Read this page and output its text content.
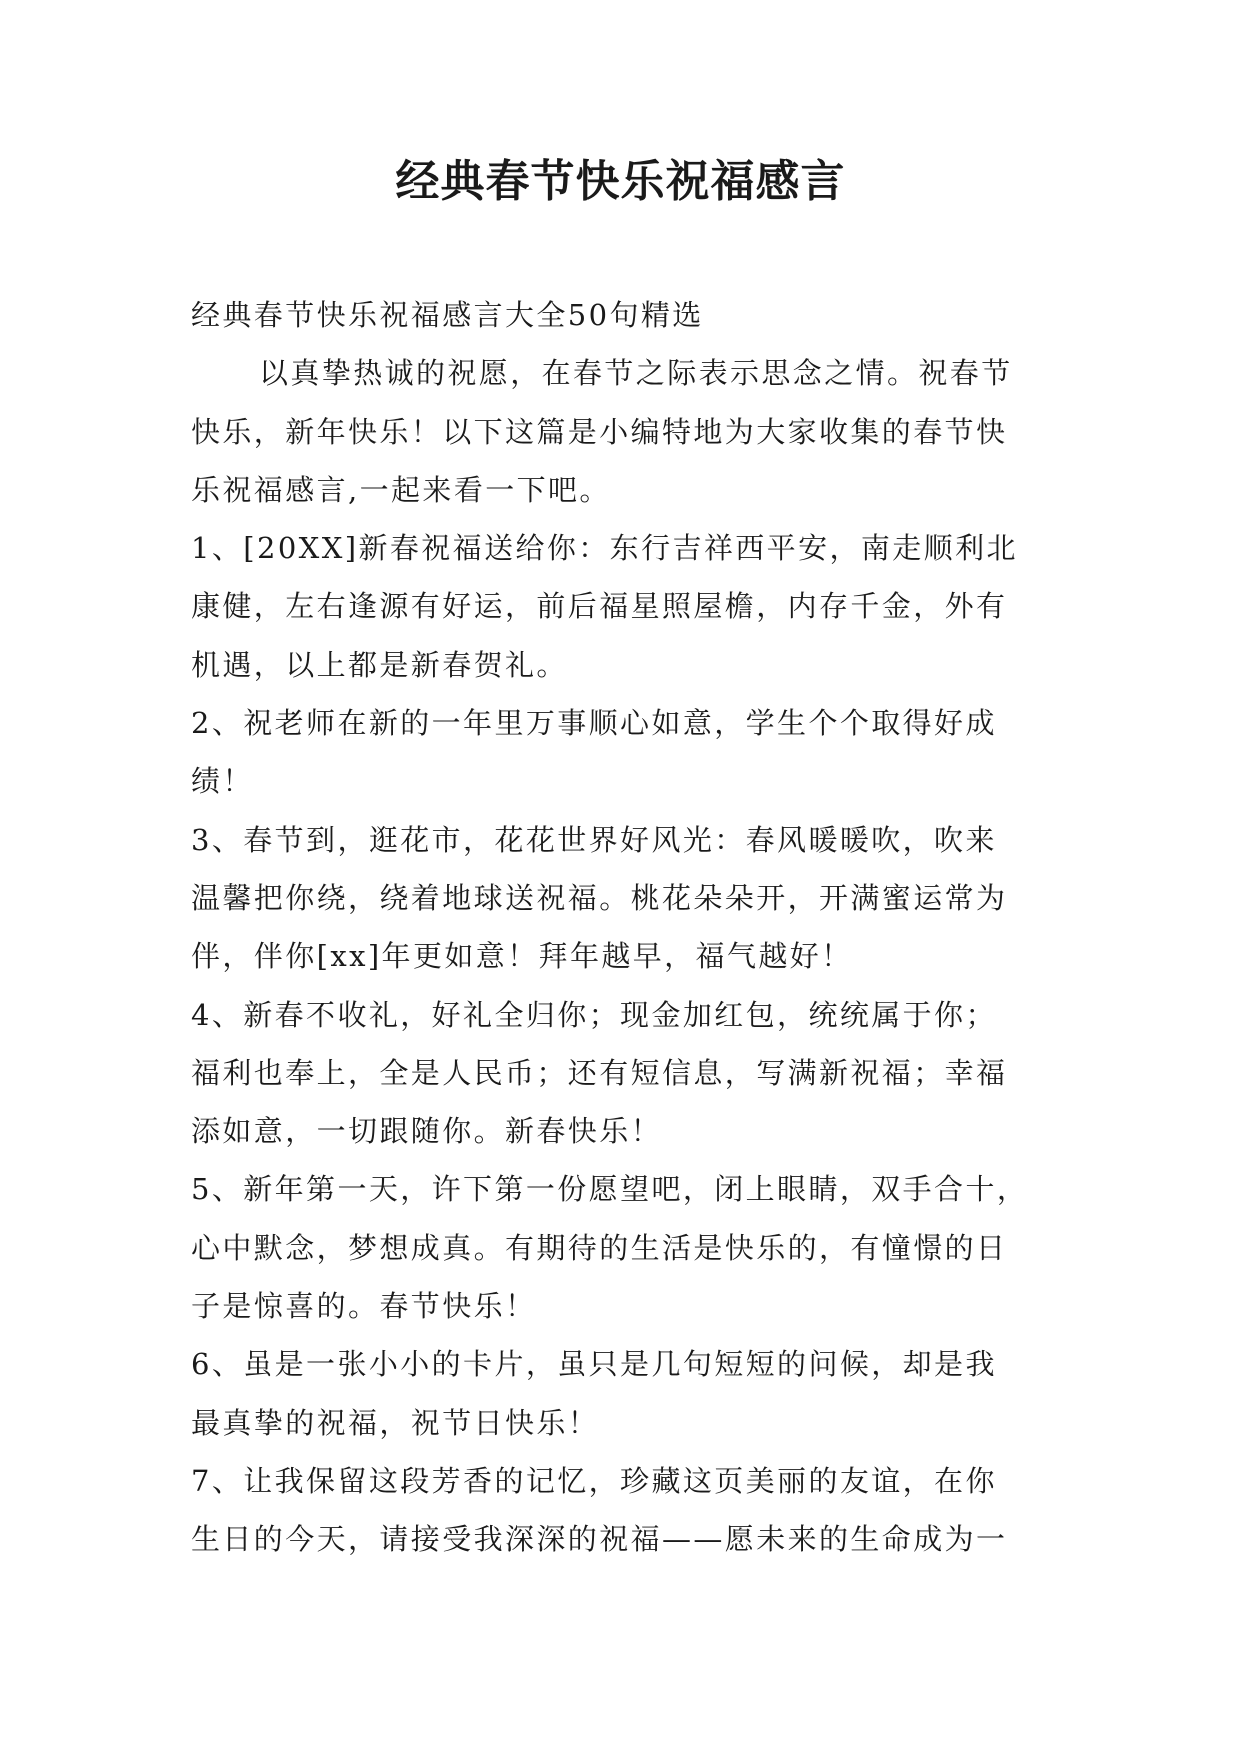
经典春节快乐祝福感言
经典春节快乐祝福感言大全50句精选
以真挚热诚的祝愿，在春节之际表示思念之情。祝春节
快乐，新年快乐！以下这篇是小编特地为大家收集的春节快
乐祝福感言,一起来看一下吧。
1、[20XX]新春祝福送给你：东行吉祥西平安，南走顺利北
康健，左右逢源有好运，前后福星照屋檐，内存千金，外有
机遇，以上都是新春贺礼。
2、祝老师在新的一年里万事顺心如意，学生个个取得好成
绩！
3、春节到，逛花市，花花世界好风光：春风暖暖吹，吹来
温馨把你绕，绕着地球送祝福。桃花朵朵开，开满蜜运常为
伴，伴你[xx]年更如意！拜年越早，福气越好！
4、新春不收礼，好礼全归你；现金加红包，统统属于你；
福利也奉上，全是人民币；还有短信息，写满新祝福；幸福
添如意，一切跟随你。新春快乐！
5、新年第一天，许下第一份愿望吧，闭上眼睛，双手合十，
心中默念，梦想成真。有期待的生活是快乐的，有憧憬的日
子是惊喜的。春节快乐！
6、虽是一张小小的卡片，虽只是几句短短的问候，却是我
最真挚的祝福，祝节日快乐！
7、让我保留这段芳香的记忆，珍藏这页美丽的友谊，在你
生日的今天，请接受我深深的祝福——愿未来的生命成为一
